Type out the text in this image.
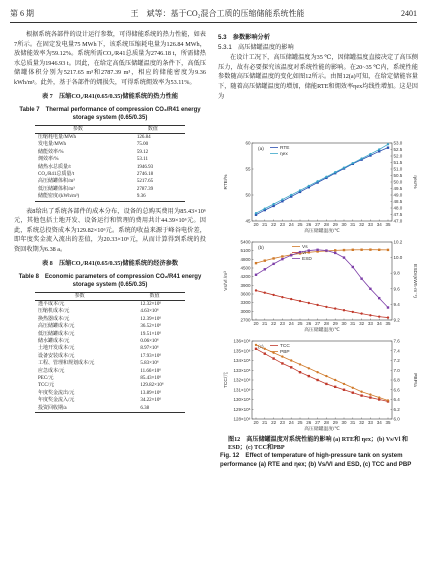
第 6 期	王　斌等：基于CO₂混合工质的压缩储能系统性能	2401

根据系统各部件的设计运行参数，可得储能系统的热力性能，如表7所示。在固定发电量75 MWh下，该系统压缩耗电量为126.84 MWh，放储能效率为59.12%。系统所需CO₂/R41总质量为2746.18 t，所需储热水总质量为1946.93 t。因此，在给定高低压储罐温度的条件下，高低压储罐体积分别为5217.65 m³和2787.39 m³，相应的储能密度为9.36 kWh/m³。此外，基于各部件的㶲损失，可得系统㶲效率为53.11%。

表 7　压缩CO₂/R41(0.65/0.35)储能系统的热力性能
Table 7　Thermal performance of compression CO₂/R41 energy storage system (0.65/0.35)
参数	数值
压缩耗电量/MWh	126.84
发电量/MWh	75.00
储能效率/%	59.12
㶲效率/%	53.11
储热水总质量/t	1946.93
CO₂/R41总质量/t	2746.18
高压储罐体积/m³	5217.65
低压储罐体积/m³	2787.39
储能密度/(kWh/m³)	9.36

表8给出了系统各部件的成本分布，设备的总购买费用为85.43×10⁶元，其他包括土地开发、设备运行和管理的费用共计44.39×10⁶元。因此，系统总投资成本为129.82×10⁶元。系统的收益来源于峰谷电价差，即年度奖金流入流出的差值，为20.33×10⁶元，从而计算得到系统的投资回收期为6.38 a。

表 8　压缩CO₂/R41(0.65/0.35)储能系统的经济参数
Table 8　Economic parameters of compression CO₂/R41 energy storage system (0.65/0.35)
参数	数值
透平成本/元	12.32×10⁶
压缩机成本/元	4.63×10⁶
换热器成本/元	12.39×10⁶
高压储罐成本/元	36.52×10⁶
低压储罐成本/元	19.51×10⁶
储水罐成本/元	0.06×10⁶
土地开发成本/元	8.97×10⁶
设备安装成本/元	17.93×10⁶
工程、管理和规划成本/元	5.83×10⁶
应急成本/元	11.66×10⁶
PEC/元	85.43×10⁶
TCC/元	129.82×10⁶
年度奖金流出/元	13.89×10⁶
年度奖金流入/元	34.22×10⁶
投资回收期/a	6.38
5.3　参数影响分析
5.3.1　高压储罐温度的影响

在设计工况下，高压储罐温度为35 ℃，因储罐温度直接决定了高压侧压力，故有必要探究该温度对系统性能的影响。在20~35 ℃内，系统性能参数随高压储罐温度的变化如图12所示。由图12(a)可知，在给定储能容量下，随着高压储罐温度的增加，储能RTE和㶲效率ηex均线性增加。这是因为

(a)
20 21 22 23 24 25 26 27 28 29 30 31 32 33 34 35
45
50
55
60
47.0
47.5
48.0
48.5
49.0
49.5
50.0
50.5
51.0
51.5
52.0
52.5
53.0
高压储罐温度/℃
RTE/%	ηex/%
RTE
ηex
(b)
20 21 22 23 24 25 26 27 28 29 30 31 32 33 34 35
2700
3000
3300
3600
3900
4200
4500
4800
5100
5400
9.2
9.4
9.6
9.8
10.0
10.2
高压储罐温度/℃
Vs/Vl /m³	ESD/(kWh·m⁻³)
Vs
Vl
ESD
(c)
20 21 22 23 24 25 26 27 28 29 30 31 32 33 34 35
128×10⁶
129×10⁶
130×10⁶
131×10⁶
132×10⁶
133×10⁶
134×10⁶
135×10⁶
136×10⁶
6.0
6.2
6.4
6.6
6.8
7.0
7.2
7.4
7.6
高压储罐温度/℃
TCC/元	PBP/a
TCC
PBP
图12　高压储罐温度对系统性能的影响 (a) RTE和 ηex；(b) Vs/Vl 和ESD；(c) TCC和PBP
Fig. 12　Effect of temperature of high-pressure tank on system performance (a) RTE and ηex; (b) Vs/Vl and ESD, (c) TCC and PBP
